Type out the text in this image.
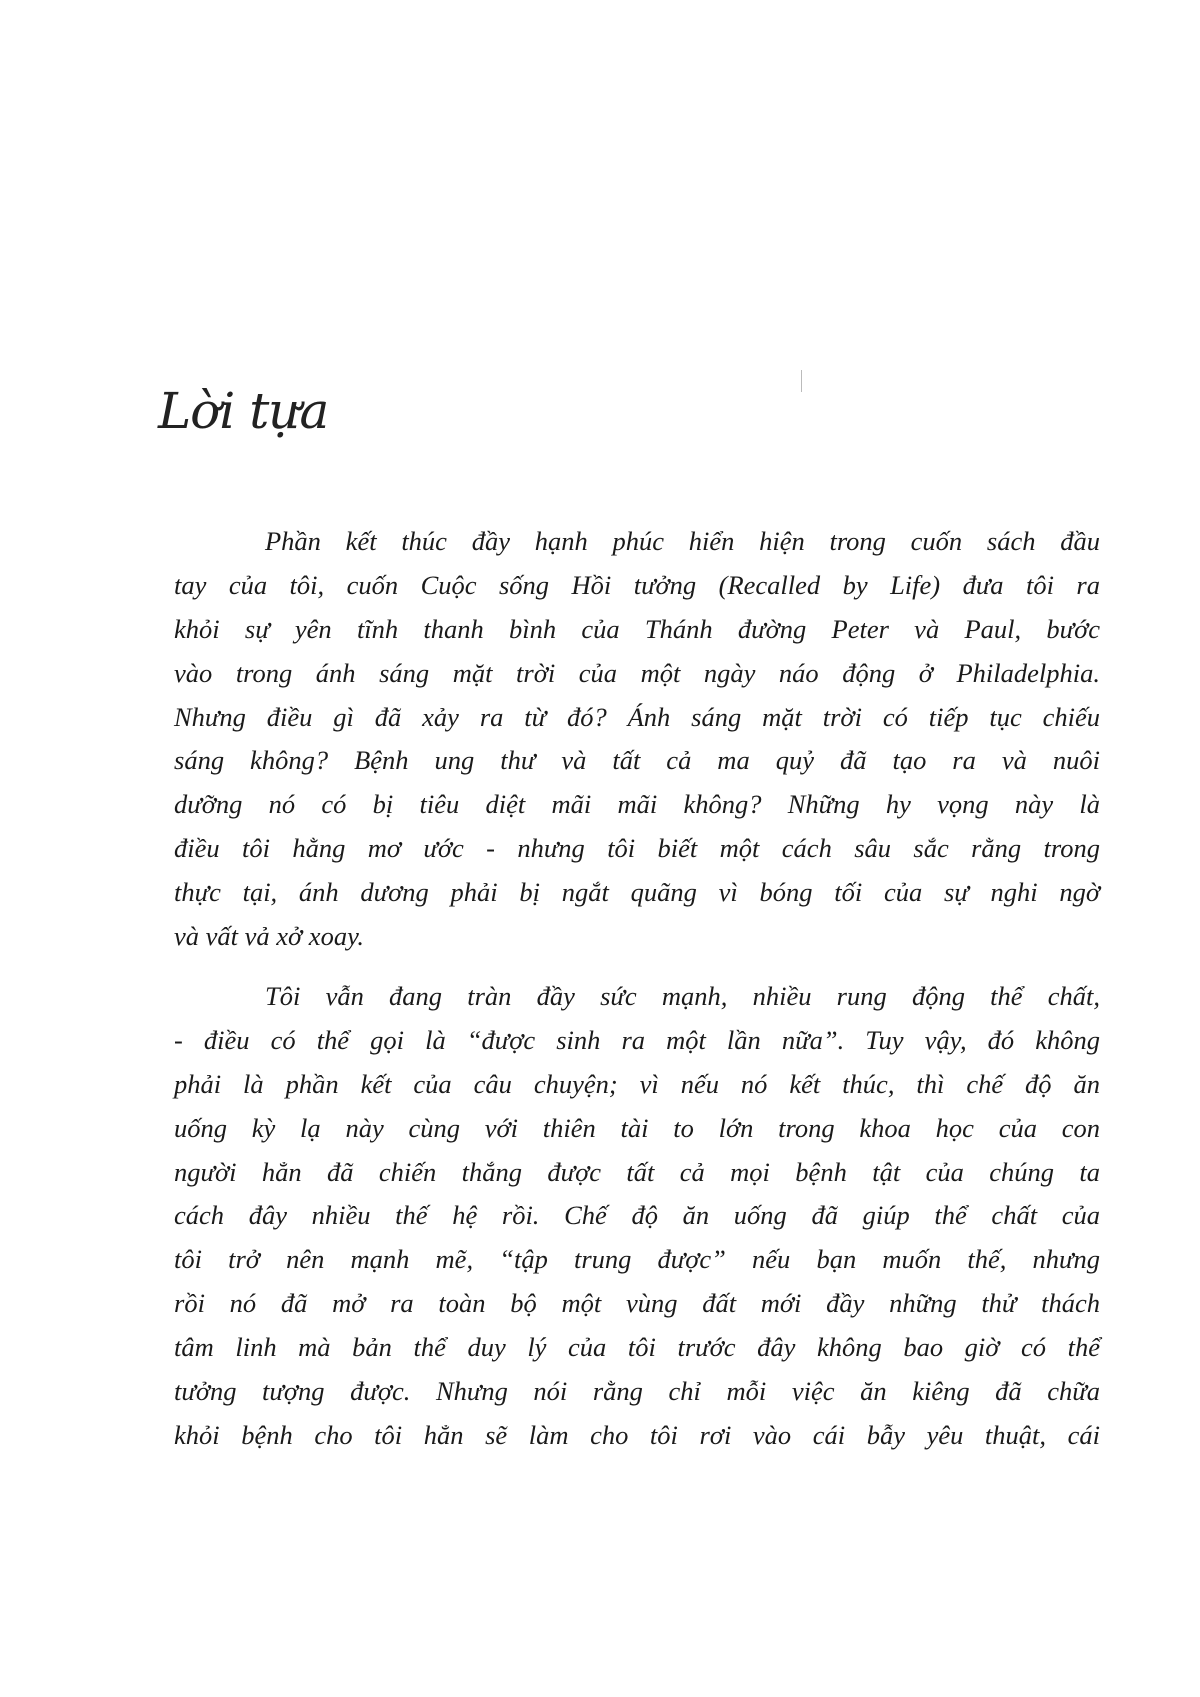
Lời tựa
Phần kết thúc đầy hạnh phúc hiển hiện trong cuốn sách đầu
tay của tôi, cuốn Cuộc sống Hồi tưởng (Recalled by Life) đưa tôi ra
khỏi sự yên tĩnh thanh bình của Thánh đường Peter và Paul, bước
vào trong ánh sáng mặt trời của một ngày náo động ở Philadelphia.
Nhưng điều gì đã xảy ra từ đó? Ánh sáng mặt trời có tiếp tục chiếu
sáng không? Bệnh ung thư và tất cả ma quỷ đã tạo ra và nuôi
dưỡng nó có bị tiêu diệt mãi mãi không? Những hy vọng này là
điều tôi hằng mơ ước - nhưng tôi biết một cách sâu sắc rằng trong
thực tại, ánh dương phải bị ngắt quãng vì bóng tối của sự nghi ngờ
và vất vả xở xoay.
Tôi vẫn đang tràn đầy sức mạnh, nhiều rung động thể chất,
- điều có thể gọi là “được sinh ra một lần nữa”. Tuy vậy, đó không
phải là phần kết của câu chuyện; vì nếu nó kết thúc, thì chế độ ăn
uống kỳ lạ này cùng với thiên tài to lớn trong khoa học của con
người hẳn đã chiến thắng được tất cả mọi bệnh tật của chúng ta
cách đây nhiều thế hệ rồi. Chế độ ăn uống đã giúp thể chất của
tôi trở nên mạnh mẽ, “tập trung được” nếu bạn muốn thế, nhưng
rồi nó đã mở ra toàn bộ một vùng đất mới đầy những thử thách
tâm linh mà bản thể duy lý của tôi trước đây không bao giờ có thể
tưởng tượng được. Nhưng nói rằng chỉ mỗi việc ăn kiêng đã chữa
khỏi bệnh cho tôi hẳn sẽ làm cho tôi rơi vào cái bẫy yêu thuật, cái
